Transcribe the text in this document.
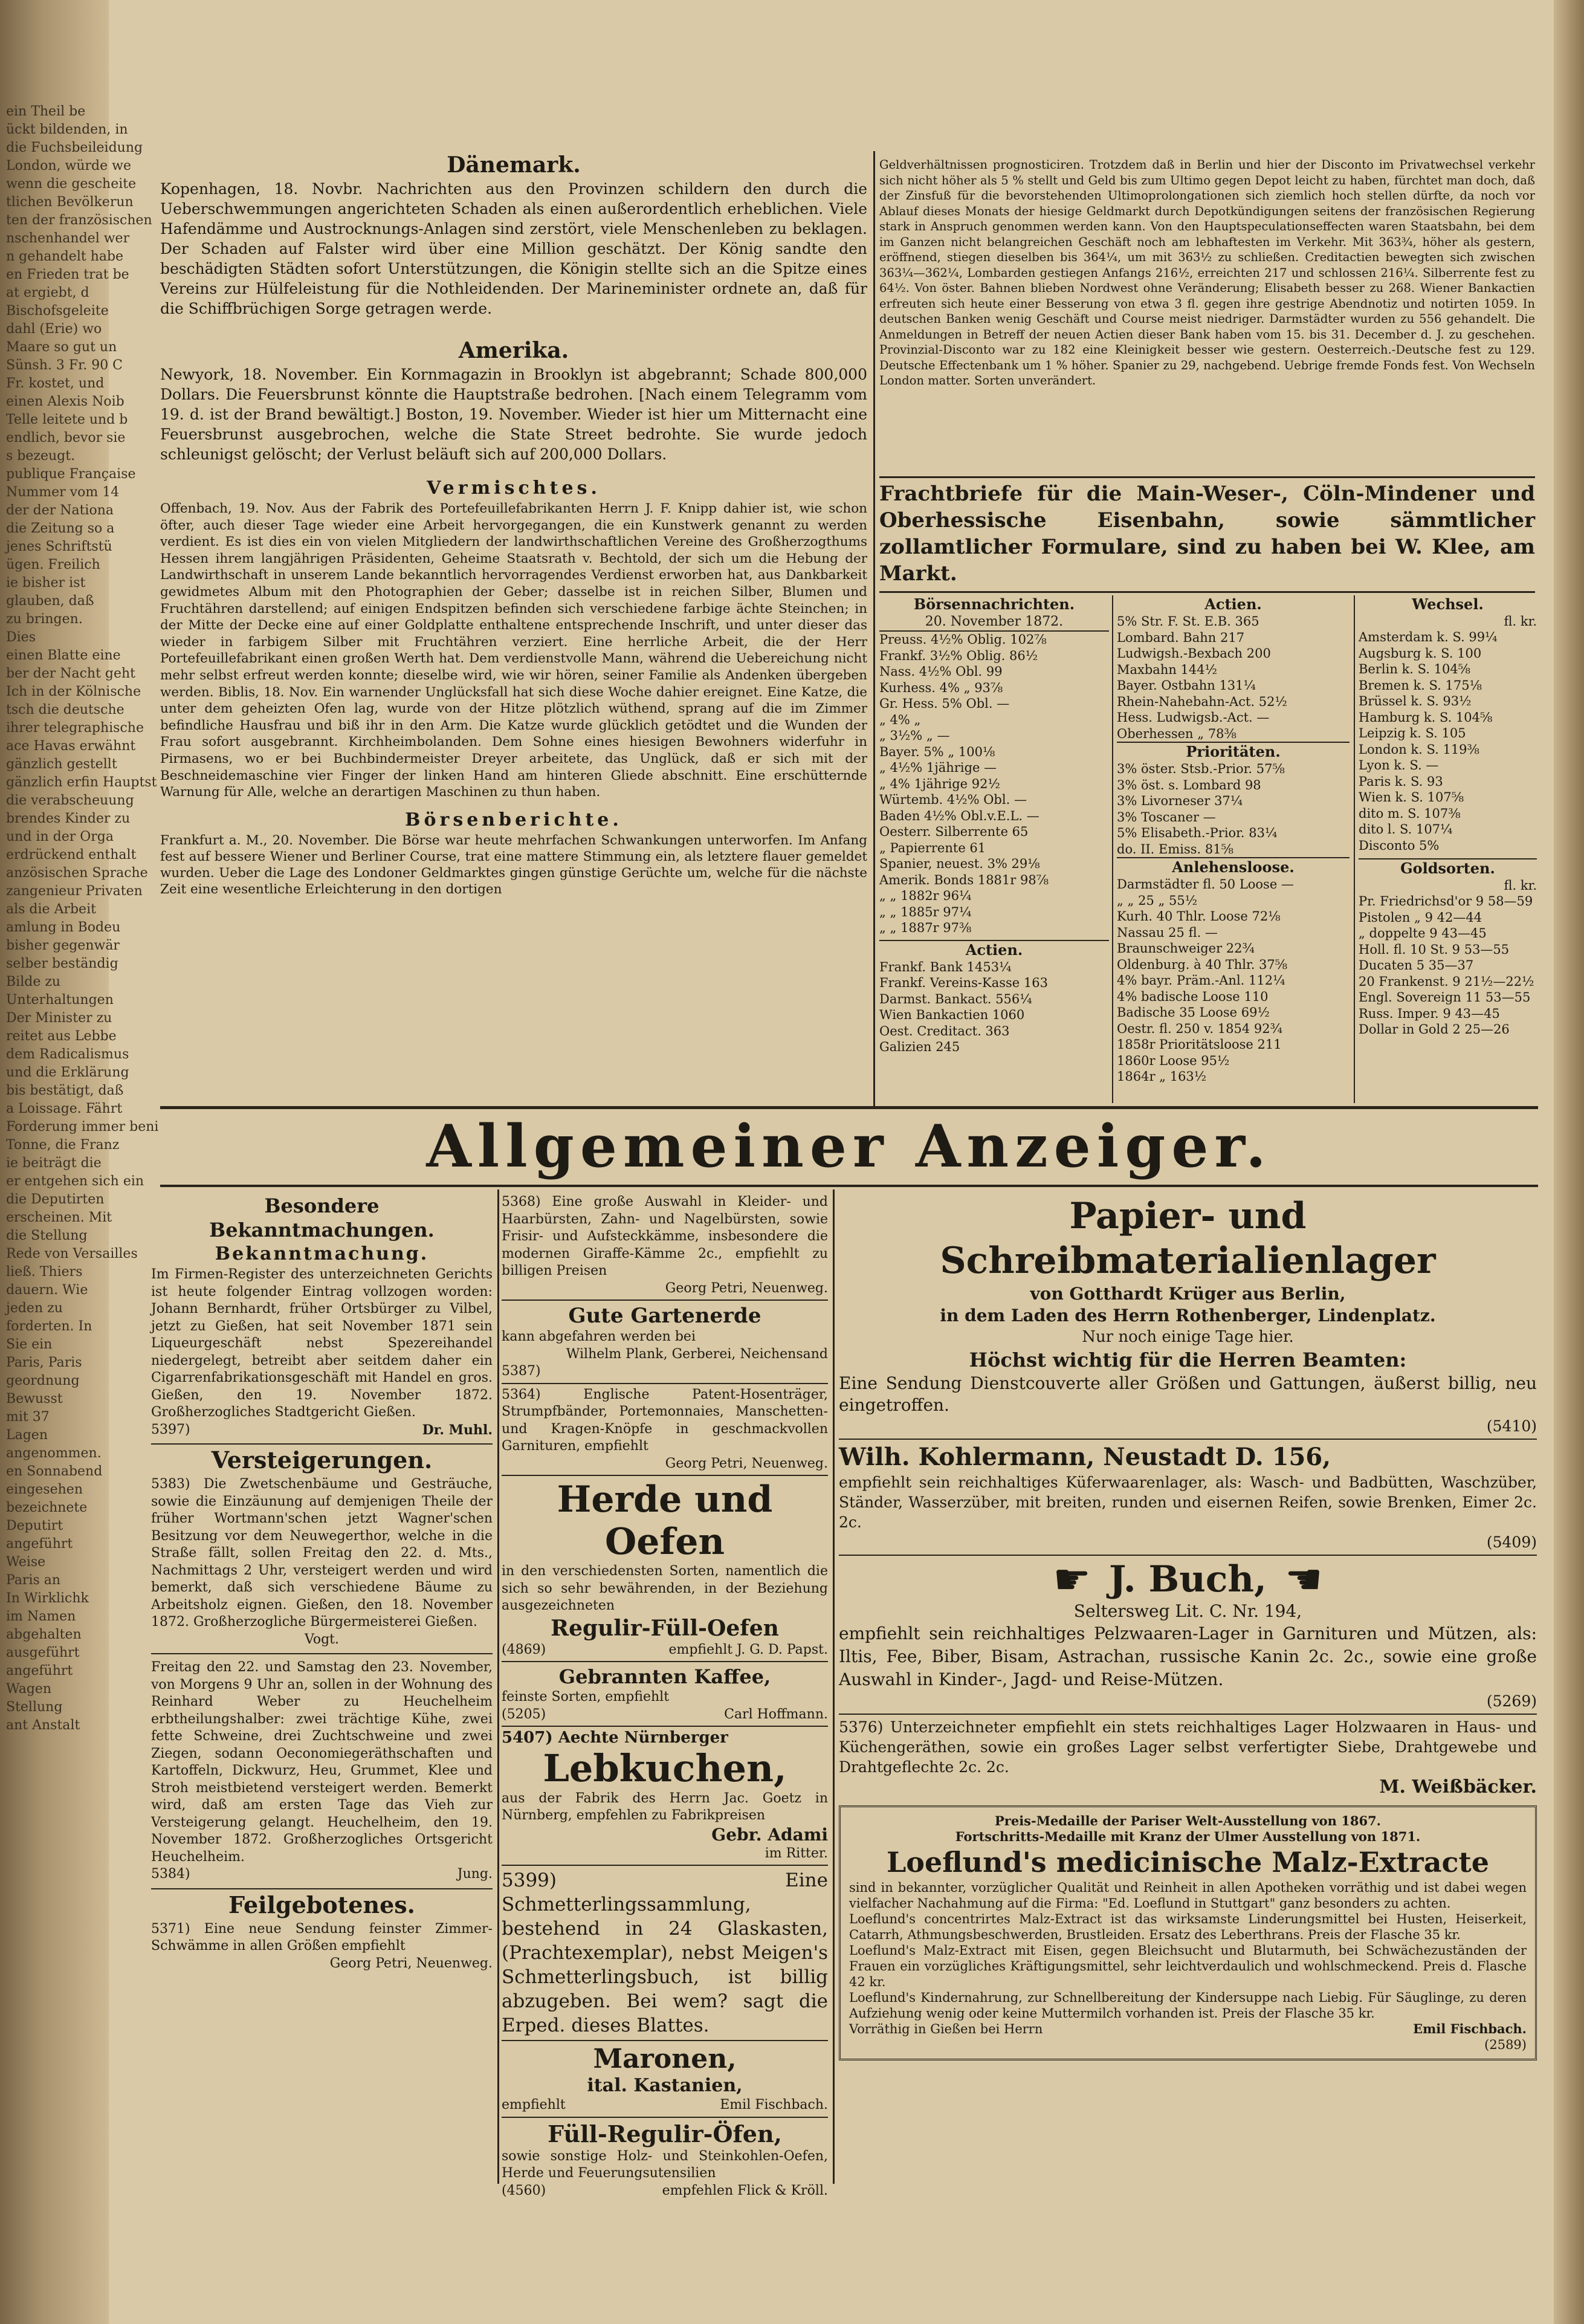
ein Theil be
ückt bildenden, in
die Fuchsbeileidung
London, würde we
wenn die gescheite
tlichen Bevölkerun
ten der französischen
nschenhandel wer
n gehandelt habe
en Frieden trat be
at ergiebt, d
Bischofsgeleite
dahl (Erie) wo
Maare so gut un
Sünsh. 3 Fr. 90 C
Fr. kostet, und
einen Alexis Noib
Telle leitete und b
endlich, bevor sie
s bezeugt.
publique Française
Nummer vom 14
der der Nationa
die Zeitung so a
jenes Schriftstü
ügen. Freilich
ie bisher ist
glauben, daß
zu bringen.
Dies
einen Blatte eine
ber der Nacht geht
Ich in der Kölnische
tsch die deutsche
ihrer telegraphische
ace Havas erwähnt
gänzlich gestellt
gänzlich erfin Hauptst
die verabscheuung
brendes Kinder zu
und in der Orga
erdrückend enthalt
anzösischen Sprache
zangenieur Privaten
als die Arbeit
amlung in Bodeu
bisher gegenwär
selber beständig
Bilde zu
Unterhaltungen
Der Minister zu
reitet aus Lebbe
dem Radicalismus
und die Erklärung
bis bestätigt, daß
a Loissage. Fährt
Forderung immer beni
Tonne, die Franz
ie beiträgt die
er entgehen sich ein
die Deputirten
erscheinen. Mit
die Stellung
Rede von Versailles
ließ. Thiers
dauern. Wie
jeden zu
forderten. In
Sie ein
Paris, Paris
geordnung
Bewusst
mit 37
Lagen
angenommen.
en Sonnabend
eingesehen
bezeichnete
Deputirt
angeführt
Weise
Paris an
In Wirklichk
im Namen
abgehalten
ausgeführt
angeführt
Wagen
Stellung
ant Anstalt
Dänemark.
Kopenhagen, 18. Novbr. Nachrichten aus den Provinzen schildern den durch die Ueberschwemmungen angerichteten Schaden als einen außerordentlich erheblichen. Viele Hafendämme und Austrocknungs-Anlagen sind zerstört, viele Menschenleben zu beklagen. Der Schaden auf Falster wird über eine Million geschätzt. Der König sandte den beschädigten Städten sofort Unterstützungen, die Königin stellte sich an die Spitze eines Vereins zur Hülfeleistung für die Nothleidenden. Der Marineminister ordnete an, daß für die Schiffbrüchigen Sorge getragen werde.
Amerika.
Newyork, 18. November. Ein Kornmagazin in Brooklyn ist abgebrannt; Schade 800,000 Dollars. Die Feuersbrunst könnte die Hauptstraße bedrohen. [Nach einem Telegramm vom 19. d. ist der Brand bewältigt.] Boston, 19. November. Wieder ist hier um Mitternacht eine Feuersbrunst ausgebrochen, welche die State Street bedrohte. Sie wurde jedoch schleunigst gelöscht; der Verlust beläuft sich auf 200,000 Dollars.
Vermischtes.
Offenbach, 19. Nov. Aus der Fabrik des Portefeuillefabrikanten Herrn J. F. Knipp dahier ist, wie schon öfter, auch dieser Tage wieder eine Arbeit hervorgegangen, die ein Kunstwerk genannt zu werden verdient. Es ist dies ein von vielen Mitgliedern der landwirthschaftlichen Vereine des Großherzogthums Hessen ihrem langjährigen Präsidenten, Geheime Staatsrath v. Bechtold, der sich um die Hebung der Landwirthschaft in unserem Lande bekanntlich hervorragendes Verdienst erworben hat, aus Dankbarkeit gewidmetes Album mit den Photographien der Geber; dasselbe ist in reichen Silber, Blumen und Fruchtähren darstellend; auf einigen Endspitzen befinden sich verschiedene farbige ächte Steinchen; in der Mitte der Decke eine auf einer Goldplatte enthaltene entsprechende Inschrift, und unter dieser das wieder in farbigem Silber mit Fruchtähren verziert. Eine herrliche Arbeit, die der Herr Portefeuillefabrikant einen großen Werth hat. Dem verdienstvolle Mann, während die Uebereichung nicht mehr selbst erfreut werden konnte; dieselbe wird, wie wir hören, seiner Familie als Andenken übergeben werden. Biblis, 18. Nov. Ein warnender Unglücksfall hat sich diese Woche dahier ereignet. Eine Katze, die unter dem geheizten Ofen lag, wurde von der Hitze plötzlich wüthend, sprang auf die im Zimmer befindliche Hausfrau und biß ihr in den Arm. Die Katze wurde glücklich getödtet und die Wunden der Frau sofort ausgebrannt. Kirchheimbolanden. Dem Sohne eines hiesigen Bewohners widerfuhr in Pirmasens, wo er bei Buchbindermeister Dreyer arbeitete, das Unglück, daß er sich mit der Beschneidemaschine vier Finger der linken Hand am hinteren Gliede abschnitt. Eine erschütternde Warnung für Alle, welche an derartigen Maschinen zu thun haben.
Börsenberichte.
Frankfurt a. M., 20. November. Die Börse war heute mehrfachen Schwankungen unterworfen. Im Anfang fest auf bessere Wiener und Berliner Course, trat eine mattere Stimmung ein, als letztere flauer gemeldet wurden. Ueber die Lage des Londoner Geldmarktes gingen günstige Gerüchte um, welche für die nächste Zeit eine wesentliche Erleichterung in den dortigen
Geldverhältnissen prognosticiren. Trotzdem daß in Berlin und hier der Disconto im Privatwechsel verkehr sich nicht höher als 5 % stellt und Geld bis zum Ultimo gegen Depot leicht zu haben, fürchtet man doch, daß der Zinsfuß für die bevorstehenden Ultimoprolongationen sich ziemlich hoch stellen dürfte, da noch vor Ablauf dieses Monats der hiesige Geldmarkt durch Depotkündigungen seitens der französischen Regierung stark in Anspruch genommen werden kann. Von den Hauptspeculationseffecten waren Staatsbahn, bei dem im Ganzen nicht belangreichen Geschäft noch am lebhaftesten im Verkehr. Mit 363¾, höher als gestern, eröffnend, stiegen dieselben bis 364¼, um mit 363½ zu schließen. Creditactien bewegten sich zwischen 363¼—362¼, Lombarden gestiegen Anfangs 216½, erreichten 217 und schlossen 216¼. Silberrente fest zu 64½. Von öster. Bahnen blieben Nordwest ohne Veränderung; Elisabeth besser zu 268. Wiener Bankactien erfreuten sich heute einer Besserung von etwa 3 fl. gegen ihre gestrige Abendnotiz und notirten 1059. In deutschen Banken wenig Geschäft und Course meist niedriger. Darmstädter wurden zu 556 gehandelt. Die Anmeldungen in Betreff der neuen Actien dieser Bank haben vom 15. bis 31. December d. J. zu geschehen. Provinzial-Disconto war zu 182 eine Kleinigkeit besser wie gestern. Oesterreich.-Deutsche fest zu 129. Deutsche Effectenbank um 1 % höher. Spanier zu 29, nachgebend. Uebrige fremde Fonds fest. Von Wechseln London matter. Sorten unverändert.
Frachtbriefe für die Main-Weser-, Cöln-Mindener und Oberhessische Eisenbahn, sowie sämmtlicher zollamtlicher Formulare, sind zu haben bei W. Klee, am Markt.
Börsennachrichten.
20. November 1872.
Preuss. 4½% Oblig. 102⅞
Frankf. 3½% Oblig. 86½
Nass. 4½% Obl. 99
Kurhess. 4% „ 93⅞
Gr. Hess. 5% Obl. —
„ 4% „
„ 3½% „ —
Bayer. 5% „ 100⅛
„ 4½% 1jährige —
„ 4% 1jährige 92½
Würtemb. 4½% Obl. —
Baden 4½% Obl.v.E.L. —
Oesterr. Silberrente 65
„ Papierrente 61
Spanier, neuest. 3% 29⅛
Amerik. Bonds 1881r 98⅞
„ „ 1882r 96¼
„ „ 1885r 97¼
„ „ 1887r 97⅜
Actien.
Frankf. Bank 1453¼
Frankf. Vereins-Kasse 163
Darmst. Bankact. 556¼
Wien Bankactien 1060
Oest. Creditact. 363
Galizien 245
Actien.
5% Str. F. St. E.B. 365
Lombard. Bahn 217
Ludwigsh.-Bexbach 200
Maxbahn 144½
Bayer. Ostbahn 131¼
Rhein-Nahebahn-Act. 52½
Hess. Ludwigsb.-Act. —
Oberhessen „ 78⅜
Prioritäten.
3% öster. Stsb.-Prior. 57⅝
3% öst. s. Lombard 98
3% Livorneser 37¼
3% Toscaner —
5% Elisabeth.-Prior. 83¼
do. II. Emiss. 81⅝
Anlehensloose.
Darmstädter fl. 50 Loose —
„ „ 25 „ 55½
Kurh. 40 Thlr. Loose 72⅛
Nassau 25 fl. —
Braunschweiger 22¾
Oldenburg. à 40 Thlr. 37⅝
4% bayr. Präm.-Anl. 112¼
4% badische Loose 110
Badische 35 Loose 69½
Oestr. fl. 250 v. 1854 92¾
1858r Prioritätsloose 211
1860r Loose 95½
1864r „ 163½
Wechsel.
fl. kr.
Amsterdam k. S. 99¼
Augsburg k. S. 100
Berlin k. S. 104⅝
Bremen k. S. 175⅛
Brüssel k. S. 93½
Hamburg k. S. 104⅝
Leipzig k. S. 105
London k. S. 119⅜
Lyon k. S. —
Paris k. S. 93
Wien k. S. 107⅝
dito m. S. 107⅜
dito l. S. 107¼
Disconto 5%
Goldsorten.
fl. kr.
Pr. Friedrichsd'or 9 58—59
Pistolen „ 9 42—44
„ doppelte 9 43—45
Holl. fl. 10 St. 9 53—55
Ducaten 5 35—37
20 Frankenst. 9 21½—22½
Engl. Sovereign 11 53—55
Russ. Imper. 9 43—45
Dollar in Gold 2 25—26
Allgemeiner Anzeiger.
Besondere Bekanntmachungen.
Bekanntmachung.
Im Firmen-Register des unterzeichneten Gerichts ist heute folgender Eintrag vollzogen worden: Johann Bernhardt, früher Ortsbürger zu Vilbel, jetzt zu Gießen, hat seit November 1871 sein Liqueurgeschäft nebst Spezereihandel niedergelegt, betreibt aber seitdem daher ein Cigarrenfabrikationsgeschäft mit Handel en gros. Gießen, den 19. November 1872. Großherzogliches Stadtgericht Gießen.
5397)	Dr. Muhl.
Versteigerungen.
5383) Die Zwetschenbäume und Gesträuche, sowie die Einzäunung auf demjenigen Theile der früher Wortmann'schen jetzt Wagner'schen Besitzung vor dem Neuwegerthor, welche in die Straße fällt, sollen Freitag den 22. d. Mts., Nachmittags 2 Uhr, versteigert werden und wird bemerkt, daß sich verschiedene Bäume zu Arbeitsholz eignen. Gießen, den 18. November 1872. Großherzogliche Bürgermeisterei Gießen.
Vogt.
Freitag den 22. und Samstag den 23. November, von Morgens 9 Uhr an, sollen in der Wohnung des Reinhard Weber zu Heuchelheim erbtheilungshalber: zwei trächtige Kühe, zwei fette Schweine, drei Zuchtschweine und zwei Ziegen, sodann Oeconomiegeräthschaften und Kartoffeln, Dickwurz, Heu, Grummet, Klee und Stroh meistbietend versteigert werden. Bemerkt wird, daß am ersten Tage das Vieh zur Versteigerung gelangt. Heuchelheim, den 19. November 1872. Großherzogliches Ortsgericht Heuchelheim.
5384)	Jung.
Feilgebotenes.
5371) Eine neue Sendung feinster Zimmer-Schwämme in allen Größen empfiehlt
Georg Petri, Neuenweg.
5368) Eine große Auswahl in Kleider- und Haarbürsten, Zahn- und Nagelbürsten, sowie Frisir- und Aufsteckkämme, insbesondere die modernen Giraffe-Kämme 2c., empfiehlt zu billigen Preisen
Georg Petri, Neuenweg.
Gute Gartenerde
kann abgefahren werden bei
Wilhelm Plank, Gerberei, Neichensand
5387)
5364) Englische Patent-Hosenträger, Strumpfbänder, Portemonnaies, Manschetten- und Kragen-Knöpfe in geschmackvollen Garnituren, empfiehlt
Georg Petri, Neuenweg.
Herde und Oefen
in den verschiedensten Sorten, namentlich die sich so sehr bewährenden, in der Beziehung ausgezeichneten
Regulir-Füll-Oefen
(4869)	empfiehlt J. G. D. Papst.
Gebrannten Kaffee,
feinste Sorten, empfiehlt
(5205)	Carl Hoffmann.
5407) Aechte Nürnberger
Lebkuchen,
aus der Fabrik des Herrn Jac. Goetz in Nürnberg, empfehlen zu Fabrikpreisen
Gebr. Adami
im Ritter.
5399) Eine Schmetterlingssammlung, bestehend in 24 Glaskasten, (Prachtexemplar), nebst Meigen's Schmetterlingsbuch, ist billig abzugeben. Bei wem? sagt die Erped. dieses Blattes.
Maronen,
ital. Kastanien,
empfiehlt	Emil Fischbach.
Füll-Regulir-Öfen,
sowie sonstige Holz- und Steinkohlen-Oefen, Herde und Feuerungsutensilien
(4560)	empfehlen Flick & Kröll.
Papier- und Schreibmaterialienlager
von Gotthardt Krüger aus Berlin,
in dem Laden des Herrn Rothenberger, Lindenplatz.
Nur noch einige Tage hier.
Höchst wichtig für die Herren Beamten:
Eine Sendung Dienstcouverte aller Größen und Gattungen, äußerst billig, neu eingetroffen.
(5410)
Wilh. Kohlermann, Neustadt D. 156,
empfiehlt sein reichhaltiges Küferwaarenlager, als: Wasch- und Badbütten, Waschzüber, Ständer, Wasserzüber, mit breiten, runden und eisernen Reifen, sowie Brenken, Eimer 2c. 2c.
(5409)
☛ J. Buch, ☛
Seltersweg Lit. C. Nr. 194,
empfiehlt sein reichhaltiges Pelzwaaren-Lager in Garnituren und Mützen, als: Iltis, Fee, Biber, Bisam, Astrachan, russische Kanin 2c. 2c., sowie eine große Auswahl in Kinder-, Jagd- und Reise-Mützen.
(5269)
5376) Unterzeichneter empfiehlt ein stets reichhaltiges Lager Holzwaaren in Haus- und Küchengeräthen, sowie ein großes Lager selbst verfertigter Siebe, Drahtgewebe und Drahtgeflechte 2c. 2c.
M. Weißbäcker.
Preis-Medaille der Pariser Welt-Ausstellung von 1867.
Fortschritts-Medaille mit Kranz der Ulmer Ausstellung von 1871.
Loeflund's medicinische Malz-Extracte
sind in bekannter, vorzüglicher Qualität und Reinheit in allen Apotheken vorräthig und ist dabei wegen vielfacher Nachahmung auf die Firma: "Ed. Loeflund in Stuttgart" ganz besonders zu achten.
Loeflund's concentrirtes Malz-Extract ist das wirksamste Linderungsmittel bei Husten, Heiserkeit, Catarrh, Athmungsbeschwerden, Brustleiden. Ersatz des Leberthrans. Preis der Flasche 35 kr.
Loeflund's Malz-Extract mit Eisen, gegen Bleichsucht und Blutarmuth, bei Schwächezuständen der Frauen ein vorzügliches Kräftigungsmittel, sehr leichtverdaulich und wohlschmeckend. Preis d. Flasche 42 kr.
Loeflund's Kindernahrung, zur Schnellbereitung der Kindersuppe nach Liebig. Für Säuglinge, zu deren Aufziehung wenig oder keine Muttermilch vorhanden ist. Preis der Flasche 35 kr.
Vorräthig in Gießen bei Herrn	Emil Fischbach.
(2589)
